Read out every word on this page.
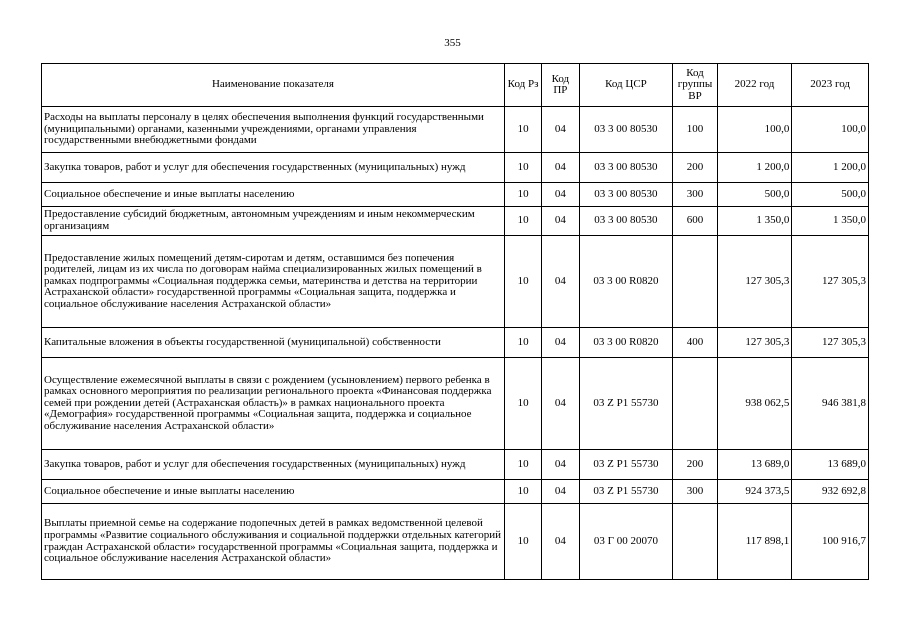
355
Наименование показателя	Код Рз	Код ПР	Код ЦСР	Код группы ВР	2022 год	2023 год
Расходы на выплаты персоналу в целях обеспечения выполнения функций государственными (муниципальными) органами, казенными учреждениями, органами управления государственными внебюджетными фондами	10	04	03 3 00 80530	100	100,0	100,0
Закупка товаров, работ и услуг для обеспечения государственных (муниципальных) нужд	10	04	03 3 00 80530	200	1 200,0	1 200,0
Социальное обеспечение и иные выплаты населению	10	04	03 3 00 80530	300	500,0	500,0
Предоставление субсидий бюджетным, автономным учреждениям и иным некоммерческим организациям	10	04	03 3 00 80530	600	1 350,0	1 350,0
Предоставление жилых помещений детям-сиротам и детям, оставшимся без попечения родителей, лицам из их числа по договорам найма специализированных жилых помещений в рамках подпрограммы «Социальная поддержка семьи, материнства и детства на территории Астраханской области» государственной программы «Социальная защита, поддержка и социальное обслуживание населения Астраханской области»	10	04	03 3 00 R0820		127 305,3	127 305,3
Капитальные вложения в объекты государственной (муниципальной) собственности	10	04	03 3 00 R0820	400	127 305,3	127 305,3
Осуществление ежемесячной выплаты в связи с рождением (усыновлением) первого ребенка в рамках основного мероприятия по реализации регионального проекта «Финансовая поддержка семей при рождении детей (Астраханская область)» в рамках национального проекта «Демография» государственной программы «Социальная защита, поддержка и социальное обслуживание населения Астраханской области»	10	04	03 Z P1 55730		938 062,5	946 381,8
Закупка товаров, работ и услуг для обеспечения государственных (муниципальных) нужд	10	04	03 Z P1 55730	200	13 689,0	13 689,0
Социальное обеспечение и иные выплаты населению	10	04	03 Z P1 55730	300	924 373,5	932 692,8
Выплаты приемной семье на содержание подопечных детей в рамках ведомственной целевой программы «Развитие социального обслуживания и социальной поддержки отдельных категорий граждан Астраханской области» государственной программы «Социальная защита, поддержка и социальное обслуживание населения Астраханской области»	10	04	03 Г 00 20070		117 898,1	100 916,7
